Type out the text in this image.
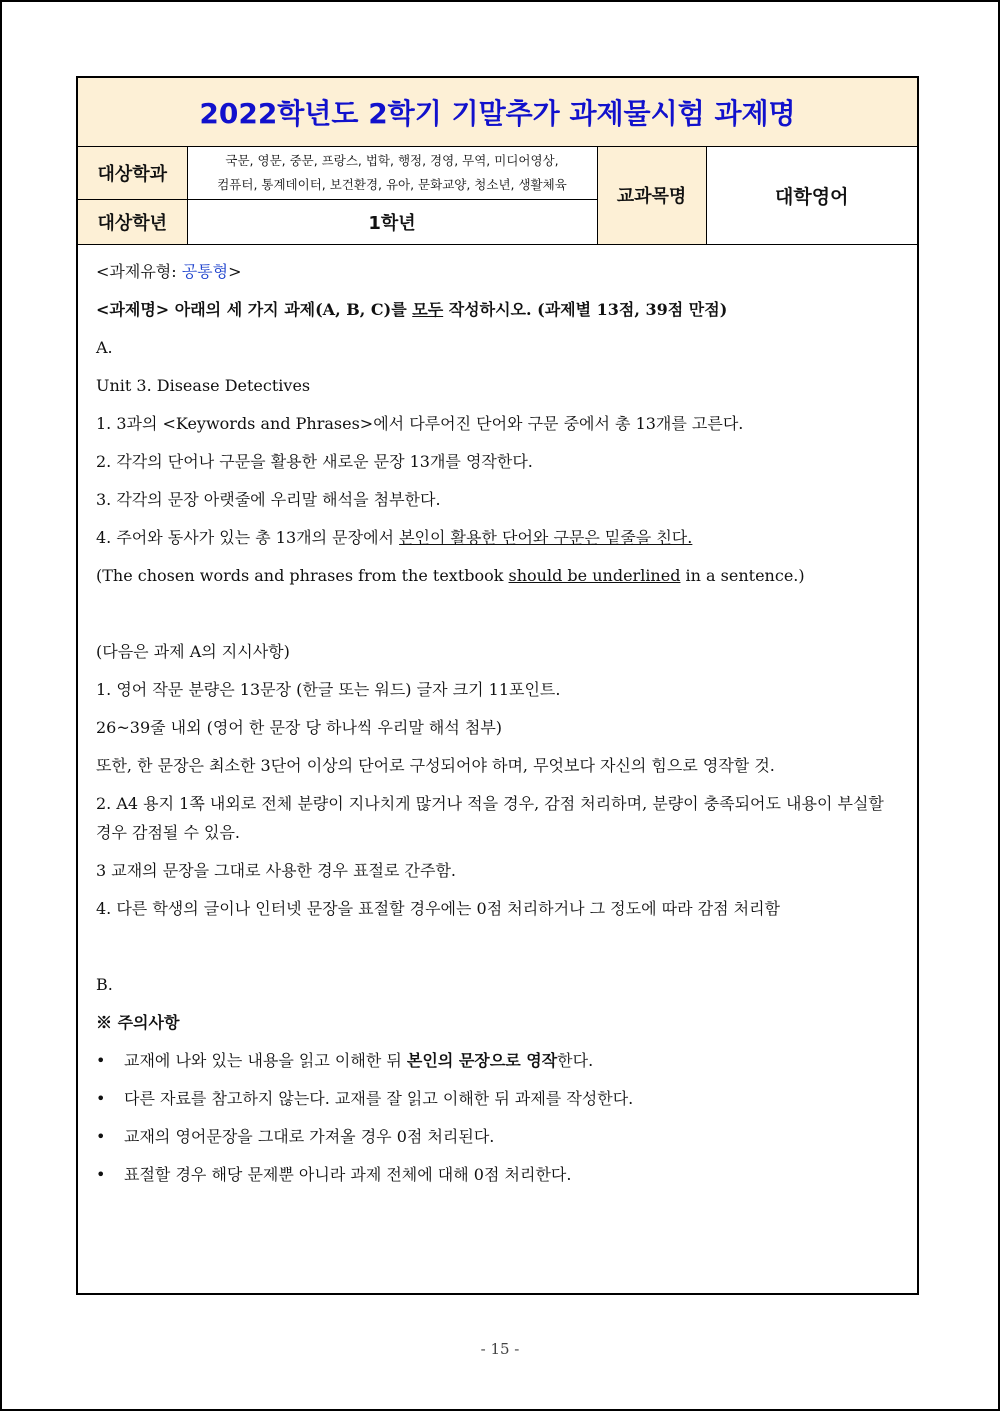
2022학년도 2학기 기말추가 과제물시험 과제명
대상학과	국문, 영문, 중문, 프랑스, 법학, 행정, 경영, 무역, 미디어영상,
컴퓨터, 통계데이터, 보건환경, 유아, 문화교양, 청소년, 생활체육	교과목명	대학영어
대상학년	1학년		

<과제유형: 공통형>

<과제명> 아래의 세 가지 과제(A, B, C)를 모두 작성하시오. (과제별 13점, 39점 만점)

A.

Unit 3. Disease Detectives

1. 3과의 <Keywords and Phrases>에서 다루어진 단어와 구문 중에서 총 13개를 고른다.

2. 각각의 단어나 구문을 활용한 새로운 문장 13개를 영작한다.

3. 각각의 문장 아랫줄에 우리말 해석을 첨부한다.

4. 주어와 동사가 있는 총 13개의 문장에서 본인이 활용한 단어와 구문은 밑줄을 친다.

(The chosen words and phrases from the textbook should be underlined in a sentence.)

(다음은 과제 A의 지시사항)

1. 영어 작문 분량은 13문장 (한글 또는 워드) 글자 크기 11포인트.

26~39줄 내외 (영어 한 문장 당 하나씩 우리말 해석 첨부)

또한, 한 문장은 최소한 3단어 이상의 단어로 구성되어야 하며, 무엇보다 자신의 힘으로 영작할 것.

2. A4 용지 1쪽 내외로 전체 분량이 지나치게 많거나 적을 경우, 감점 처리하며, 분량이 충족되어도 내용이 부실할 경우 감점될 수 있음.

3 교재의 문장을 그대로 사용한 경우 표절로 간주함.

4. 다른 학생의 글이나 인터넷 문장을 표절할 경우에는 0점 처리하거나 그 정도에 따라 감점 처리함

B.

※ 주의사항

• 교재에 나와 있는 내용을 읽고 이해한 뒤 본인의 문장으로 영작한다.

• 다른 자료를 참고하지 않는다. 교재를 잘 읽고 이해한 뒤 과제를 작성한다.

• 교재의 영어문장을 그대로 가져올 경우 0점 처리된다.

• 표절할 경우 해당 문제뿐 아니라 과제 전체에 대해 0점 처리한다.

- 15 -
